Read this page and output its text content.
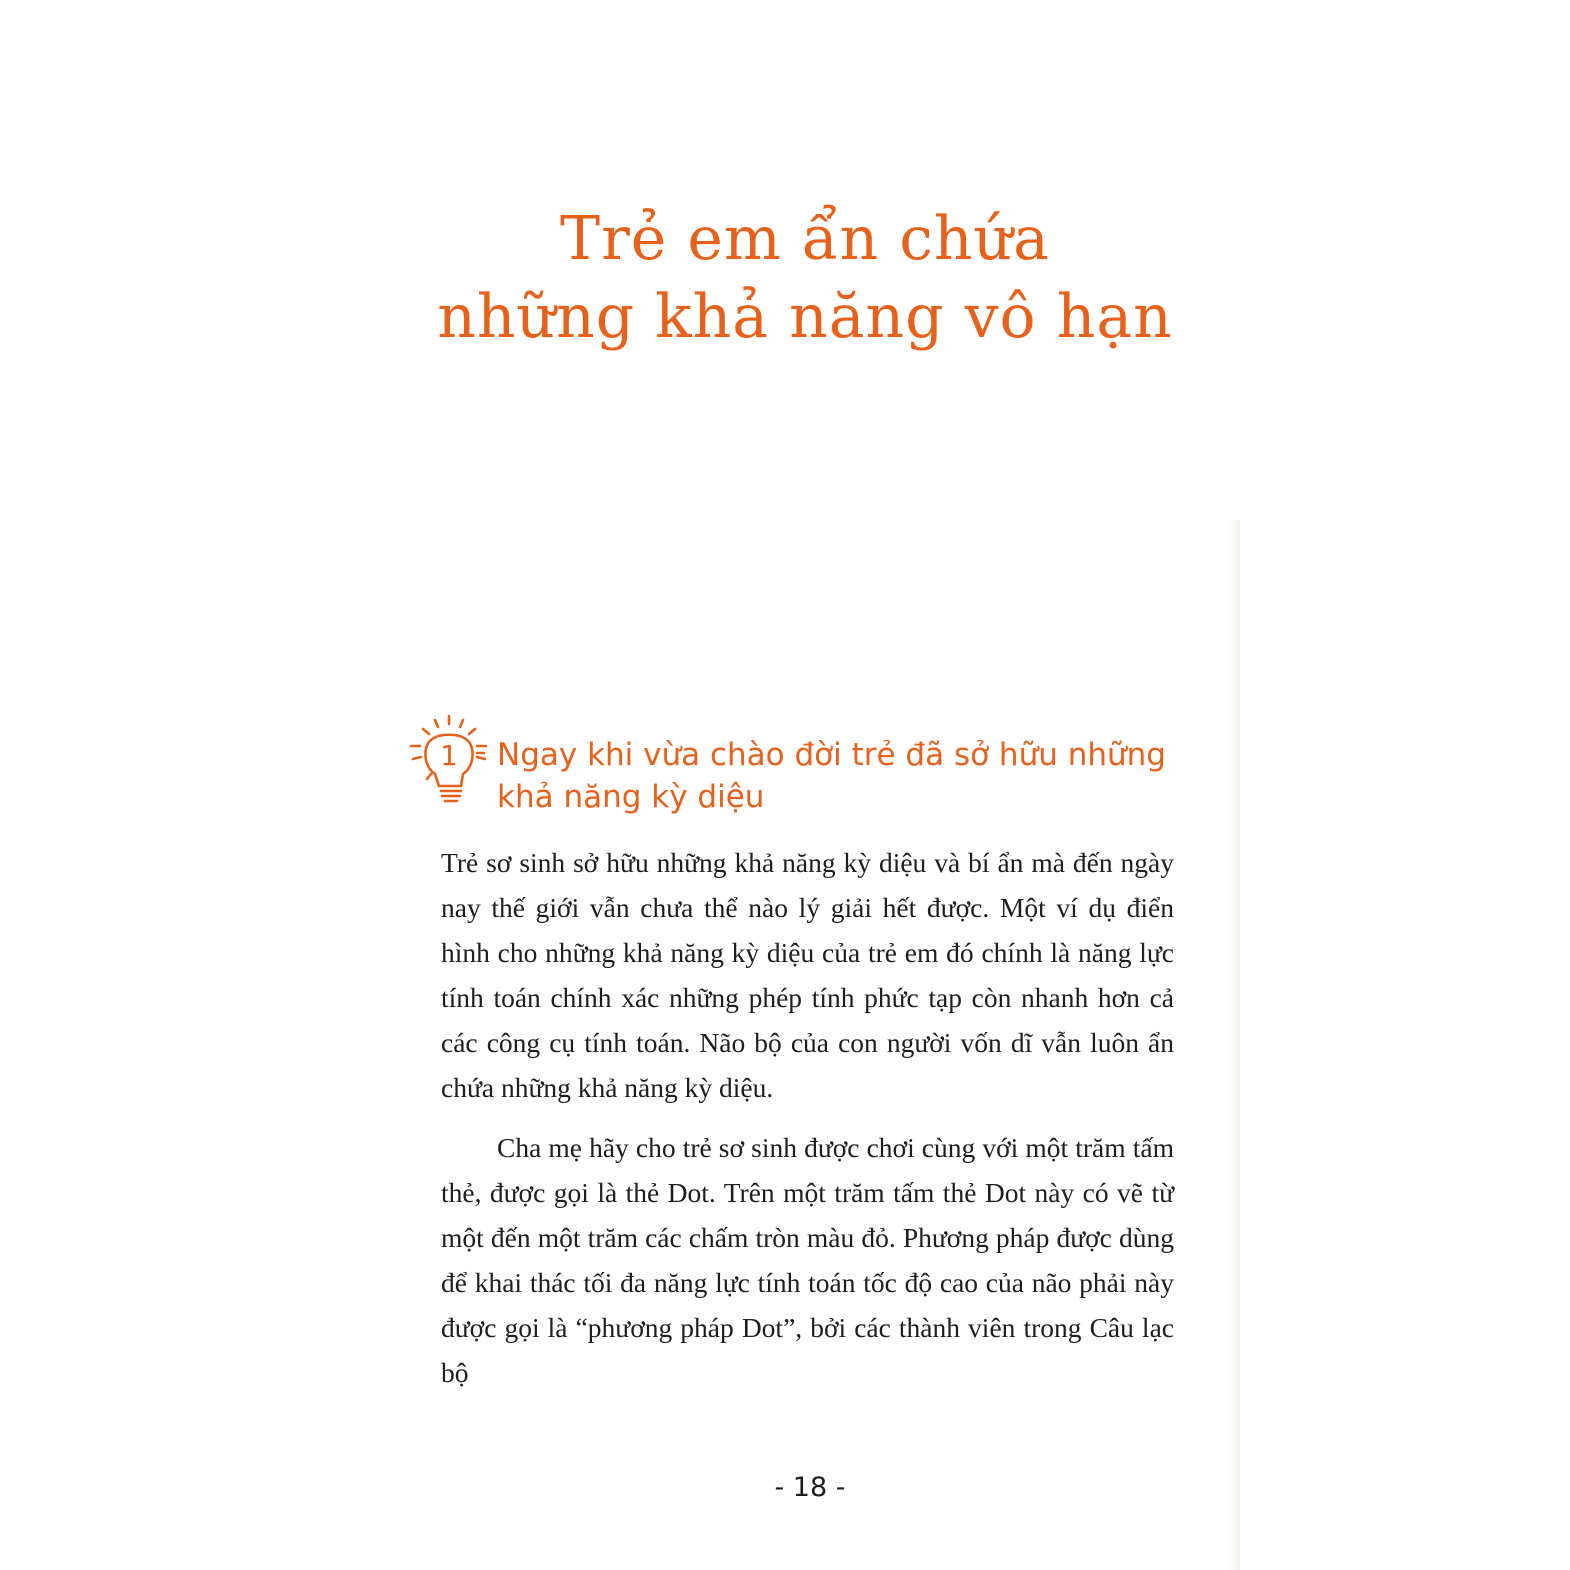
Trẻ em ẩn chứa
những khả năng vô hạn
1 Ngay khi vừa chào đời trẻ đã sở hữu những
khả năng kỳ diệu

Trẻ sơ sinh sở hữu những khả năng kỳ diệu và bí ẩn mà đến ngày nay thế giới vẫn chưa thể nào lý giải hết được. Một ví dụ điển hình cho những khả năng kỳ diệu của trẻ em đó chính là năng lực tính toán chính xác những phép tính phức tạp còn nhanh hơn cả các công cụ tính toán. Não bộ của con người vốn dĩ vẫn luôn ẩn chứa những khả năng kỳ diệu.

Cha mẹ hãy cho trẻ sơ sinh được chơi cùng với một trăm tấm thẻ, được gọi là thẻ Dot. Trên một trăm tấm thẻ Dot này có vẽ từ một đến một trăm các chấm tròn màu đỏ. Phương pháp được dùng để khai thác tối đa năng lực tính toán tốc độ cao của não phải này được gọi là “phương pháp Dot”, bởi các thành viên trong Câu lạc bộ

- 18 -
